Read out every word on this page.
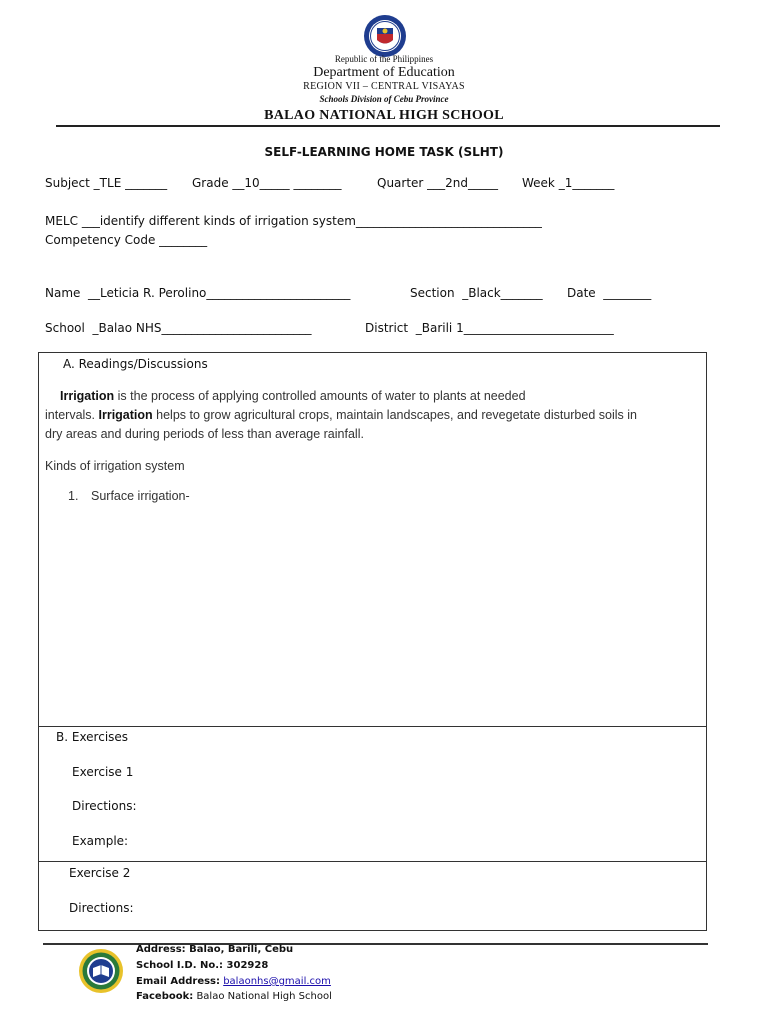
Republic of the Philippines
Department of Education
REGION VII – CENTRAL VISAYAS
Schools Division of Cebu Province
BALAO NATIONAL HIGH SCHOOL
SELF-LEARNING HOME TASK (SLHT)
Subject _TLE _______ Grade __10_____ ________	Quarter ___2nd_____ Week _1_______
MELC ___identify different kinds of irrigation system_______________________________
Competency Code ________
Name  __Leticia R. Perolino________________________	Section  _Black_______ Date  ________
School  _Balao NHS_________________________	District  _Barili 1_________________________
A. Readings/Discussions
Irrigation is the process of applying controlled amounts of water to plants at needed
intervals. Irrigation helps to grow agricultural crops, maintain landscapes, and revegetate disturbed soils in
dry areas and during periods of less than average rainfall.
Kinds of irrigation system
1. Surface irrigation-
B. Exercises
Exercise 1
Directions:
Example:
Exercise 2
Directions:
Address: Balao, Barili, Cebu
School I.D. No.: 302928
Email Address: balaonhs@gmail.com
Facebook: Balao National High School
